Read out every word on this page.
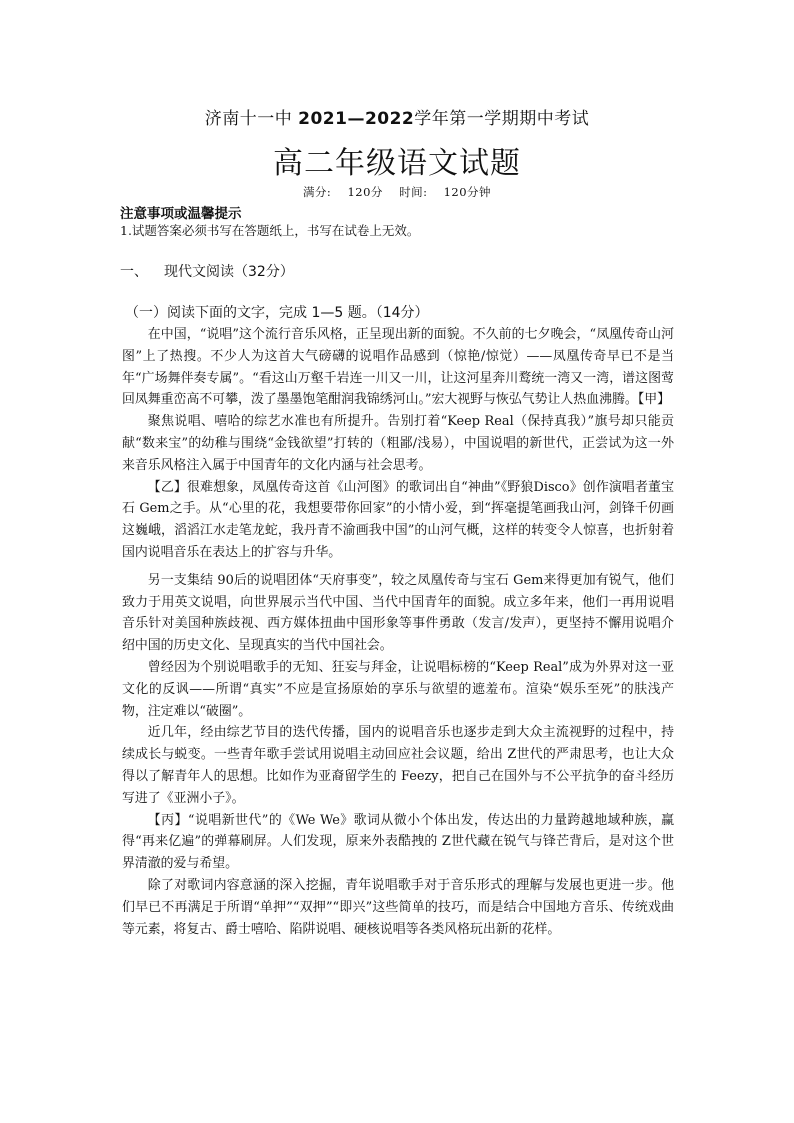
济南十一中 2021—2022学年第一学期期中考试
高二年级语文试题
满分: 120分 时间: 120分钟
注意事项或温馨提示
1.试题答案必须书写在答题纸上，书写在试卷上无效。
一、 现代文阅读（32分）
（一）阅读下面的文字，完成 1—5 题。（14分）

在中国，“说唱”这个流行音乐风格，正呈现出新的面貌。不久前的七夕晚会，“凤凰传奇山河图”上了热搜。不少人为这首大气磅礴的说唱作品感到（惊艳/惊觉）——凤凰传奇早已不是当年“广场舞伴奏专属”。“看这山万壑千岩连一川又一川，让这河星奔川鹜统一湾又一湾，谱这图莺回凤舞重峦高不可攀，泼了墨墨饱笔酣润我锦绣河山。”宏大视野与恢弘气势让人热血沸腾。【甲】

聚焦说唱、嘻哈的综艺水准也有所提升。告别打着“Keep Real（保持真我）”旗号却只能贡献“数来宝”的幼稚与围绕“金钱欲望”打转的（粗鄙/浅易），中国说唱的新世代，正尝试为这一外来音乐风格注入属于中国青年的文化内涵与社会思考。

【乙】很难想象，凤凰传奇这首《山河图》的歌词出自“神曲”《野狼Disco》创作演唱者董宝石 Gem之手。从“心里的花，我想要带你回家”的小情小爱，到“挥毫提笔画我山河，剑锋千仞画这巍峨，滔滔江水走笔龙蛇，我丹青不渝画我中国”的山河气概，这样的转变令人惊喜，也折射着国内说唱音乐在表达上的扩容与升华。

另一支集结 90后的说唱团体“天府事变”，较之凤凰传奇与宝石 Gem来得更加有锐气，他们致力于用英文说唱，向世界展示当代中国、当代中国青年的面貌。成立多年来，他们一再用说唱音乐针对美国种族歧视、西方媒体扭曲中国形象等事件勇敢（发言/发声），更坚持不懈用说唱介绍中国的历史文化、呈现真实的当代中国社会。

曾经因为个别说唱歌手的无知、狂妄与拜金，让说唱标榜的“Keep Real”成为外界对这一亚文化的反讽——所谓“真实”不应是宣扬原始的享乐与欲望的遮羞布。渲染“娱乐至死”的肤浅产物，注定难以“破圈”。

近几年，经由综艺节目的迭代传播，国内的说唱音乐也逐步走到大众主流视野的过程中，持续成长与蜕变。一些青年歌手尝试用说唱主动回应社会议题，给出 Z世代的严肃思考，也让大众得以了解青年人的思想。比如作为亚裔留学生的 Feezy，把自己在国外与不公平抗争的奋斗经历写进了《亚洲小子》。

【丙】“说唱新世代”的《We We》歌词从微小个体出发，传达出的力量跨越地域种族，赢得“再来亿遍”的弹幕刷屏。人们发现，原来外表酷拽的 Z世代藏在锐气与锋芒背后，是对这个世界清澈的爱与希望。

除了对歌词内容意涵的深入挖掘，青年说唱歌手对于音乐形式的理解与发展也更进一步。他们早已不再满足于所谓“单押”“双押”“即兴”这些简单的技巧，而是结合中国地方音乐、传统戏曲等元素，将复古、爵士嘻哈、陷阱说唱、硬核说唱等各类风格玩出新的花样。
